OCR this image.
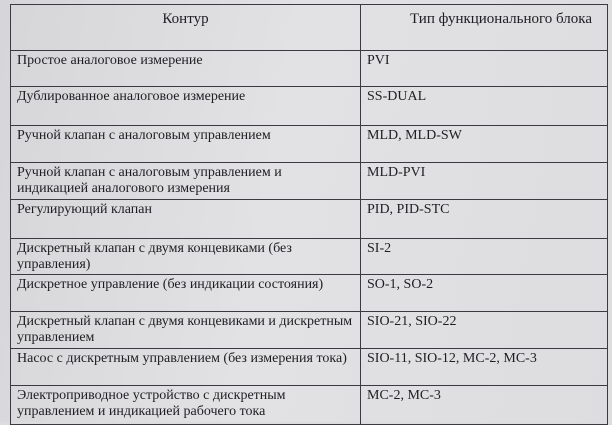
Контур	Тип функционального блока
Простое аналоговое измерение	PVI
Дублированное аналоговое измерение	SS-DUAL
Ручной клапан с аналоговым управлением	MLD, MLD-SW
Ручной клапан с аналоговым управлением и индикацией аналогового измерения	MLD-PVI
Регулирующий клапан	PID, PID-STC
Дискретный клапан с двумя концевиками (без управления)	SI-2
Дискретное управление (без индикации состояния)	SO-1, SO-2
Дискретный клапан с двумя концевиками и дискретным управлением	SIO-21, SIO-22
Насос с дискретным управлением (без измерения тока)	SIO-11, SIO-12, MC-2, MC-3
Электроприводное устройство с дискретным управлением и индикацией рабочего тока	MC-2, MC-3
